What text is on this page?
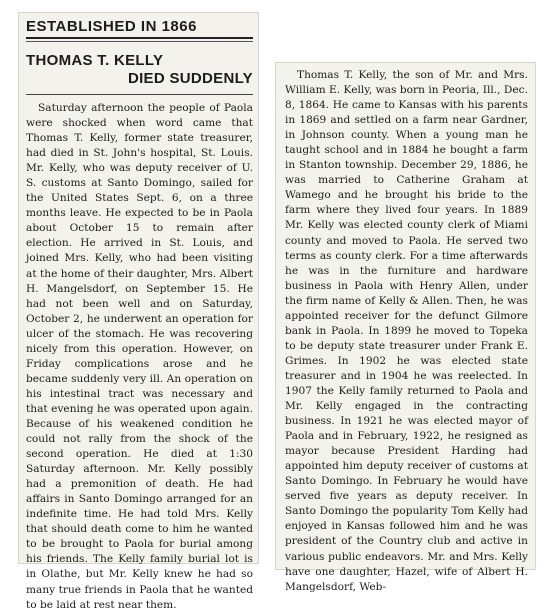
ESTABLISHED IN 1866
THOMAS T. KELLY
DIED SUDDENLY

Saturday afternoon the people of Paola were shocked when word came that Thomas T. Kelly, former state treasurer, had died in St. John's hospital, St. Louis. Mr. Kelly, who was deputy receiver of U. S. customs at Santo Domingo, sailed for the United States Sept. 6, on a three months leave. He expected to be in Paola about October 15 to remain after election. He arrived in St. Louis, and joined Mrs. Kelly, who had been visiting at the home of their daughter, Mrs. Albert H. Mangelsdorf, on September 15. He had not been well and on Saturday, October 2, he underwent an operation for ulcer of the stomach. He was recovering nicely from this operation. However, on Friday complications arose and he became suddenly very ill. An operation on his intestinal tract was necessary and that evening he was operated upon again. Because of his weakened condition he could not rally from the shock of the second operation. He died at 1:30 Saturday afternoon. Mr. Kelly possibly had a premonition of death. He had affairs in Santo Domingo arranged for an indefinite time. He had told Mrs. Kelly that should death come to him he wanted to be brought to Paola for burial among his friends. The Kelly family burial lot is in Olathe, but Mr. Kelly knew he had so many true friends in Paola that he wanted to be laid at rest near them.

Thomas T. Kelly, the son of Mr. and Mrs. William E. Kelly, was born in Peoria, Ill., Dec. 8, 1864. He came to Kansas with his parents in 1869 and settled on a farm near Gardner, in Johnson county. When a young man he taught school and in 1884 he bought a farm in Stanton township. December 29, 1886, he was married to Catherine Graham at Wamego and he brought his bride to the farm where they lived four years. In 1889 Mr. Kelly was elected county clerk of Miami county and moved to Paola. He served two terms as county clerk. For a time afterwards he was in the furniture and hardware business in Paola with Henry Allen, under the firm name of Kelly & Allen. Then, he was appointed receiver for the defunct Gilmore bank in Paola. In 1899 he moved to Topeka to be deputy state treasurer under Frank E. Grimes. In 1902 he was elected state treasurer and in 1904 he was reelected. In 1907 the Kelly family returned to Paola and Mr. Kelly engaged in the contracting business. In 1921 he was elected mayor of Paola and in February, 1922, he resigned as mayor because President Harding had appointed him deputy receiver of customs at Santo Domingo. In February he would have served five years as deputy receiver. In Santo Domingo the popularity Tom Kelly had enjoyed in Kansas followed him and he was president of the Country club and active in various public endeavors. Mr. and Mrs. Kelly have one daughter, Hazel, wife of Albert H. Mangelsdorf, Web-
